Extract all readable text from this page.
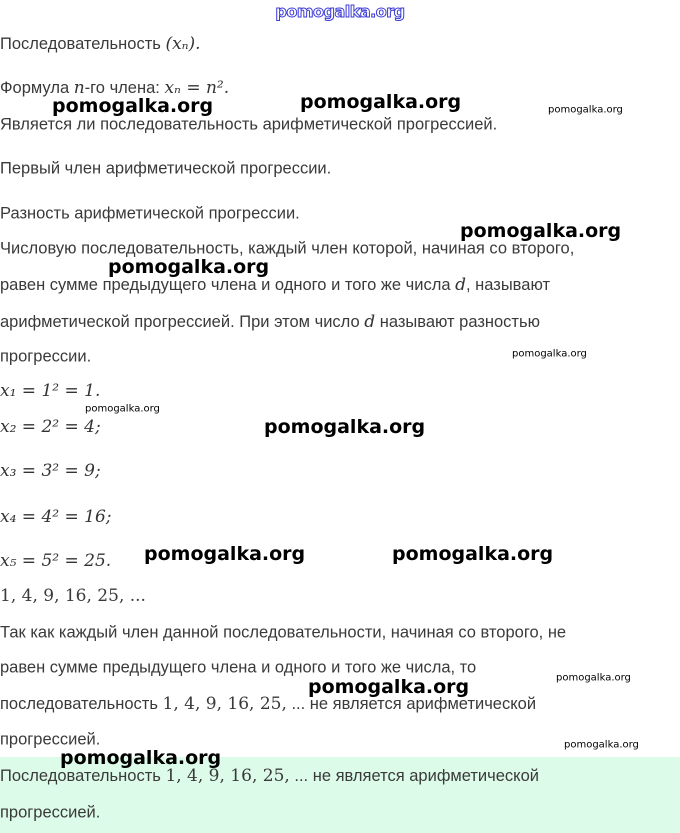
pomogalka.org
Последовательность (xₙ).
Формула n-го члена: xₙ = n².
Является ли последовательность арифметической прогрессией.
Первый член арифметической прогрессии.
Разность арифметической прогрессии.
Числовую последовательность, каждый член которой, начиная со второго,
равен сумме предыдущего члена и одного и того же числа d, называют
арифметической прогрессией. При этом число d называют разностью
прогрессии.
x₁ = 1² = 1.
x₂ = 2² = 4;
x₃ = 3² = 9;
x₄ = 4² = 16;
x₅ = 5² = 25.
1, 4, 9, 16, 25, ...
Так как каждый член данной последовательности, начиная со второго, не
равен сумме предыдущего члена и одного и того же числа, то
последовательность 1, 4, 9, 16, 25, ... не является арифметической
прогрессией.
Последовательность 1, 4, 9, 16, 25, ... не является арифметической
прогрессией.
pomogalka.org	pomogalka.org	pomogalka.org
pomogalka.org
pomogalka.org
pomogalka.org
pomogalka.org
pomogalka.org
pomogalka.org	pomogalka.org
pomogalka.org
pomogalka.org
pomogalka.org
pomogalka.org
